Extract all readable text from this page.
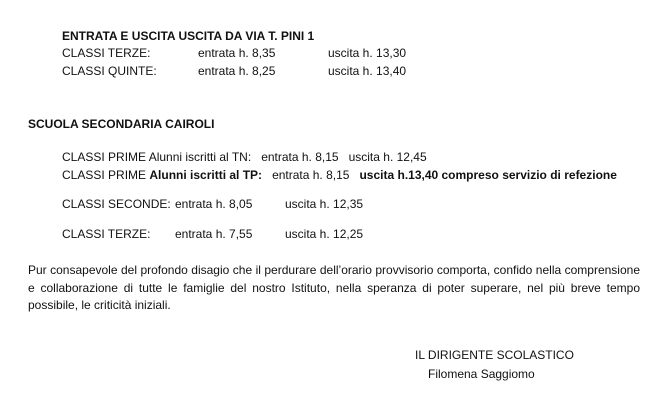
ENTRATA E USCITA USCITA DA VIA T. PINI 1
CLASSI TERZE:	entrata h. 8,35	uscita h. 13,30
CLASSI QUINTE:	entrata h. 8,25	uscita h. 13,40
SCUOLA SECONDARIA CAIROLI
CLASSI PRIME Alunni iscritti al TN: entrata h. 8,15 uscita h. 12,45
CLASSI PRIME Alunni iscritti al TP: entrata h. 8,15 uscita h.13,40 compreso servizio di refezione
CLASSI SECONDE: entrata h. 8,05	uscita h. 12,35
CLASSI TERZE: entrata h. 7,55	uscita h. 12,25
Pur consapevole del profondo disagio che il perdurare dell’orario provvisorio comporta, confido nella comprensione e collaborazione di tutte le famiglie del nostro Istituto, nella speranza di poter superare, nel più breve tempo possibile, le criticità iniziali.
IL DIRIGENTE SCOLASTICO
Filomena Saggiomo
